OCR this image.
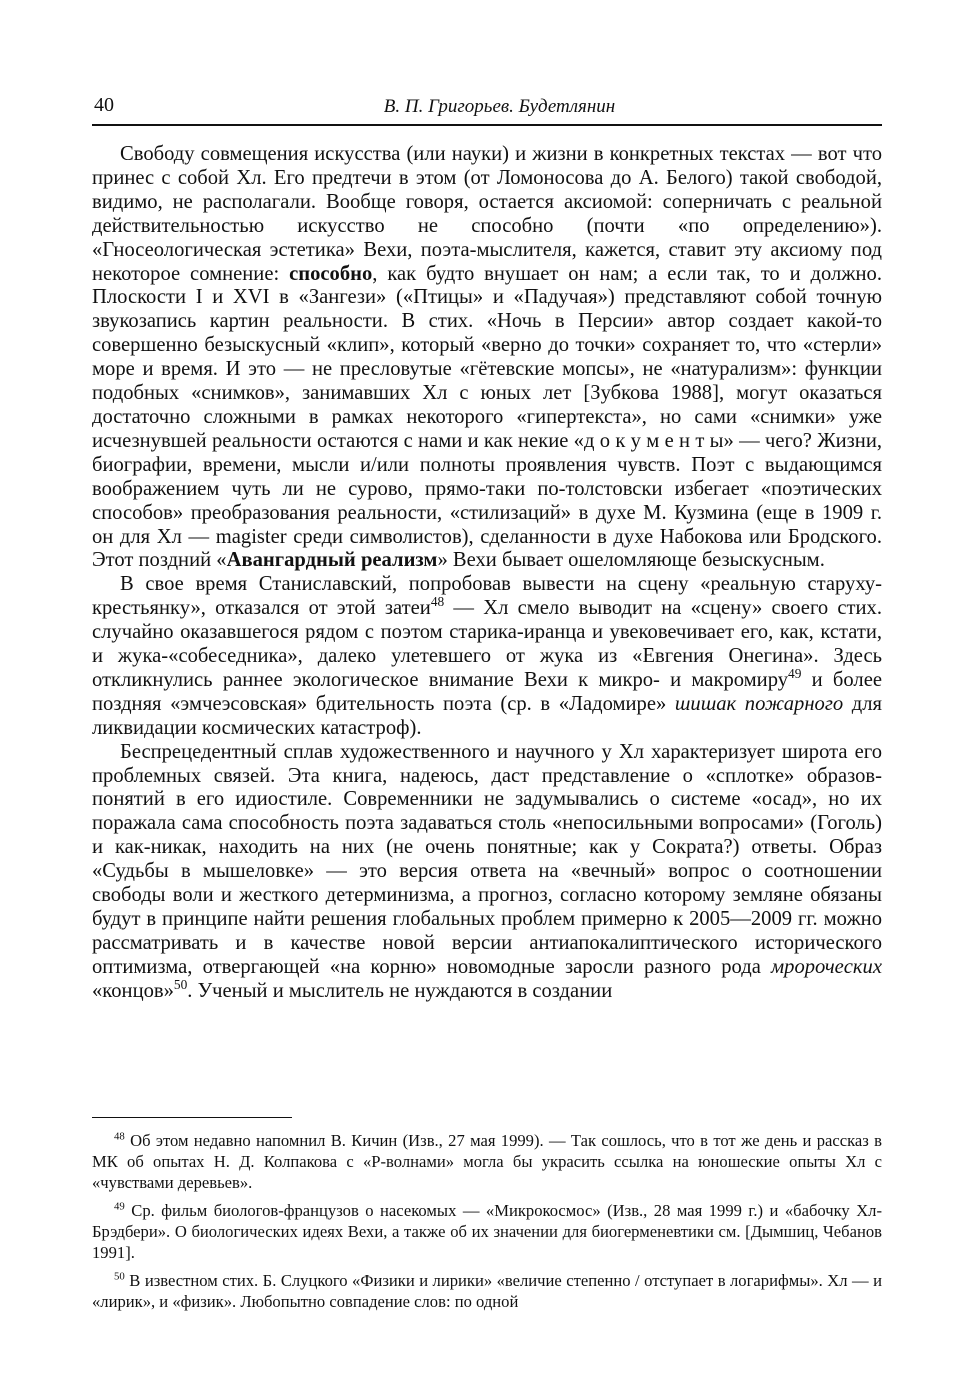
40	В. П. Григорьев. Будетлянин

Свободу совмещения искусства (или науки) и жизни в конкретных текстах — вот что принес с собой Хл. Его предтечи в этом (от Ломоносова до А. Белого) такой свободой, видимо, не располагали. Вообще говоря, остается аксиомой: соперничать с реальной действительностью искусство не способно (почти «по определению»). «Гносеологическая эстетика» Вехи, поэта-мыслителя, кажется, ставит эту аксиому под некоторое сомнение: способно, как будто внушает он нам; а если так, то и должно. Плоскости I и XVI в «Зангези» («Птицы» и «Падучая») представляют собой точную звукозапись картин реальности. В стих. «Ночь в Персии» автор создает какой-то совершенно безыскусный «клип», который «верно до точки» сохраняет то, что «стерли» море и время. И это — не пресловутые «гётевские мопсы», не «натурализм»: функции подобных «снимков», занимавших Хл с юных лет [Зубкова 1988], могут оказаться достаточно сложными в рамках некоторого «гипертекста», но сами «снимки» уже исчезнувшей реальности остаются с нами и как некие «д о к у м е н т ы» — чего? Жизни, биографии, времени, мысли и/или полноты проявления чувств. Поэт с выдающимся воображением чуть ли не сурово, прямо-таки по-толстовски избегает «поэтических способов» преобразования реальности, «стилизаций» в духе М. Кузмина (еще в 1909 г. он для Хл — magister среди символистов), сделанности в духе Набокова или Бродского. Этот поздний «Авангардный реализм» Вехи бывает ошеломляюще безыскусным.

В свое время Станиславский, попробовав вывести на сцену «реальную старуху-крестьянку», отказался от этой затеи$^{48}$ — Хл смело выводит на «сцену» своего стих. случайно оказавшегося рядом с поэтом старика-иранца и увековечивает его, как, кстати, и жука-«собеседника», далеко улетевшего от жука из «Евгения Онегина». Здесь откликнулись раннее экологическое внимание Вехи к микро- и макромиру$^{49}$ и более поздняя «эмчеэсовская» бдительность поэта (ср. в «Ладомире» шишак пожарного для ликвидации космических катастроф).

Беспрецедентный сплав художественного и научного у Хл характеризует широта его проблемных связей. Эта книга, надеюсь, даст представление о «сплотке» образов-понятий в его идиостиле. Современники не задумывались о системе «осад», но их поражала сама способность поэта задаваться столь «непосильными вопросами» (Гоголь) и как-никак, находить на них (не очень понятные; как у Сократа?) ответы. Образ «Судьбы в мышеловке» — это версия ответа на «вечный» вопрос о соотношении свободы воли и жесткого детерминизма, а прогноз, согласно которому земляне обязаны будут в принципе найти решения глобальных проблем примерно к 2005—2009 гг. можно рассматривать и в качестве новой версии антиапокалиптического исторического оптимизма, отвергающей «на корню» новомодные заросли разного рода мророчеcких «концов»$^{50}$. Ученый и мыслитель не нуждаются в создании

$^{48}$ Об этом недавно напомнил В. Кичин (Изв., 27 мая 1999). — Так сошлось, что в тот же день и рассказ в МК об опытах Н. Д. Колпакова с «Р-волнами» могла бы украсить ссылка на юношеские опыты Хл с «чувствами деревьев».

$^{49}$ Ср. фильм биологов-французов о насекомых — «Микрокосмос» (Изв., 28 мая 1999 г.) и «бабочку Хл-Брэдбери». О биологических идеях Вехи, а также об их значении для биогерменевтики см. [Дымшиц, Чебанов 1991].

$^{50}$ В известном стих. Б. Слуцкого «Физики и лирики» «величие степенно / отступает в логарифмы». Хл — и «лирик», и «физик». Любопытно совпадение слов: по одной
